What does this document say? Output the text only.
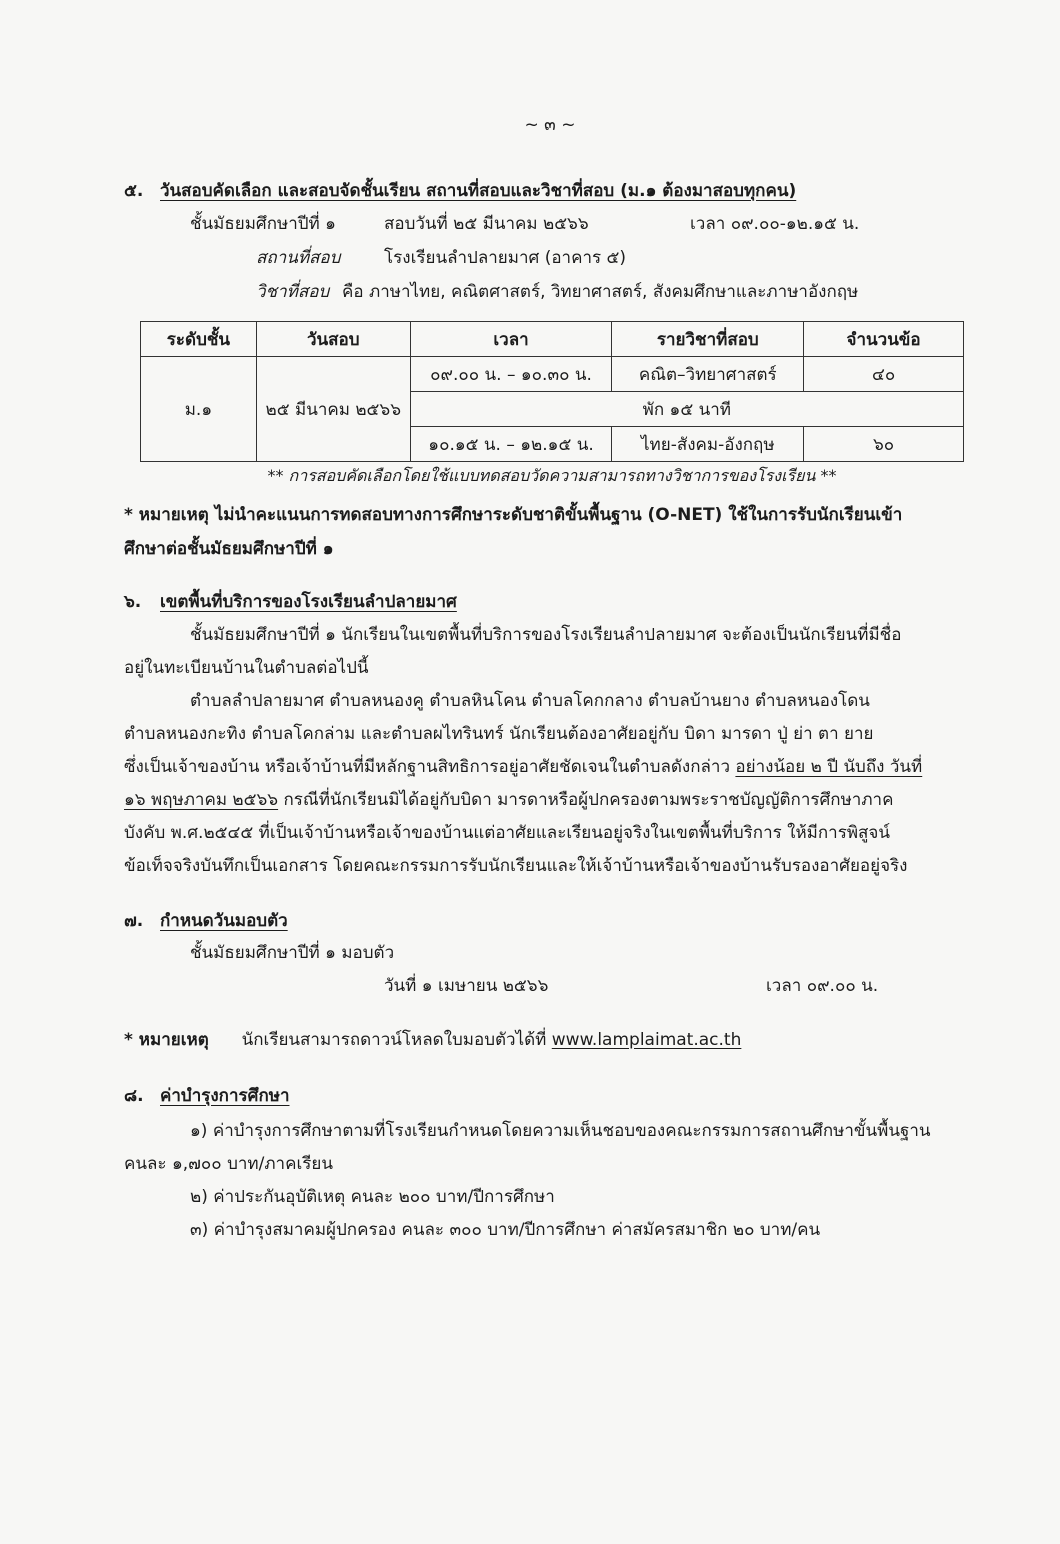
~ ๓ ~
๕. วันสอบคัดเลือก และสอบจัดชั้นเรียน สถานที่สอบและวิชาที่สอบ (ม.๑ ต้องมาสอบทุกคน)
ชั้นมัธยมศึกษาปีที่ ๑	สอบวันที่ ๒๕ มีนาคม ๒๕๖๖	เวลา ๐๙.๐๐-๑๒.๑๕ น.
สถานที่สอบ	โรงเรียนลำปลายมาศ (อาคาร ๕)
วิชาที่สอบ คือ ภาษาไทย, คณิตศาสตร์, วิทยาศาสตร์, สังคมศึกษาและภาษาอังกฤษ
ระดับชั้น	วันสอบ	เวลา	รายวิชาที่สอบ	จำนวนข้อ
ม.๑	๒๕ มีนาคม ๒๕๖๖	๐๙.๐๐ น. – ๑๐.๓๐ น.	คณิต–วิทยาศาสตร์	๔๐
		พัก ๑๕ นาที		
		๑๐.๑๕ น. – ๑๒.๑๕ น.	ไทย-สังคม-อังกฤษ	๖๐
** การสอบคัดเลือกโดยใช้แบบทดสอบวัดความสามารถทางวิชาการของโรงเรียน **
* หมายเหตุ ไม่นำคะแนนการทดสอบทางการศึกษาระดับชาติขั้นพื้นฐาน (O-NET) ใช้ในการรับนักเรียนเข้า
ศึกษาต่อชั้นมัธยมศึกษาปีที่ ๑
๖. เขตพื้นที่บริการของโรงเรียนลำปลายมาศ
ชั้นมัธยมศึกษาปีที่ ๑ นักเรียนในเขตพื้นที่บริการของโรงเรียนลำปลายมาศ จะต้องเป็นนักเรียนที่มีชื่อ
อยู่ในทะเบียนบ้านในตำบลต่อไปนี้
ตำบลลำปลายมาศ ตำบลหนองคู ตำบลหินโคน ตำบลโคกกลาง ตำบลบ้านยาง ตำบลหนองโดน
ตำบลหนองกะทิง ตำบลโคกล่าม และตำบลผไทรินทร์ นักเรียนต้องอาศัยอยู่กับ บิดา มารดา ปู่ ย่า ตา ยาย
ซึ่งเป็นเจ้าของบ้าน หรือเจ้าบ้านที่มีหลักฐานสิทธิการอยู่อาศัยชัดเจนในตำบลดังกล่าว อย่างน้อย ๒ ปี นับถึง วันที่
๑๖ พฤษภาคม ๒๕๖๖ กรณีที่นักเรียนมิได้อยู่กับบิดา มารดาหรือผู้ปกครองตามพระราชบัญญัติการศึกษาภาค
บังคับ พ.ศ.๒๕๔๕ ที่เป็นเจ้าบ้านหรือเจ้าของบ้านแต่อาศัยและเรียนอยู่จริงในเขตพื้นที่บริการ ให้มีการพิสูจน์
ข้อเท็จจริงบันทึกเป็นเอกสาร โดยคณะกรรมการรับนักเรียนและให้เจ้าบ้านหรือเจ้าของบ้านรับรองอาศัยอยู่จริง
๗. กำหนดวันมอบตัว
ชั้นมัธยมศึกษาปีที่ ๑ มอบตัว
วันที่ ๑ เมษายน ๒๕๖๖	เวลา ๐๙.๐๐ น.
* หมายเหตุ นักเรียนสามารถดาวน์โหลดใบมอบตัวได้ที่ www.lamplaimat.ac.th
๘. ค่าบำรุงการศึกษา
๑) ค่าบำรุงการศึกษาตามที่โรงเรียนกำหนดโดยความเห็นชอบของคณะกรรมการสถานศึกษาขั้นพื้นฐาน
คนละ ๑,๗๐๐ บาท/ภาคเรียน
๒) ค่าประกันอุบัติเหตุ คนละ ๒๐๐ บาท/ปีการศึกษา
๓) ค่าบำรุงสมาคมผู้ปกครอง คนละ ๓๐๐ บาท/ปีการศึกษา ค่าสมัครสมาชิก ๒๐ บาท/คน
